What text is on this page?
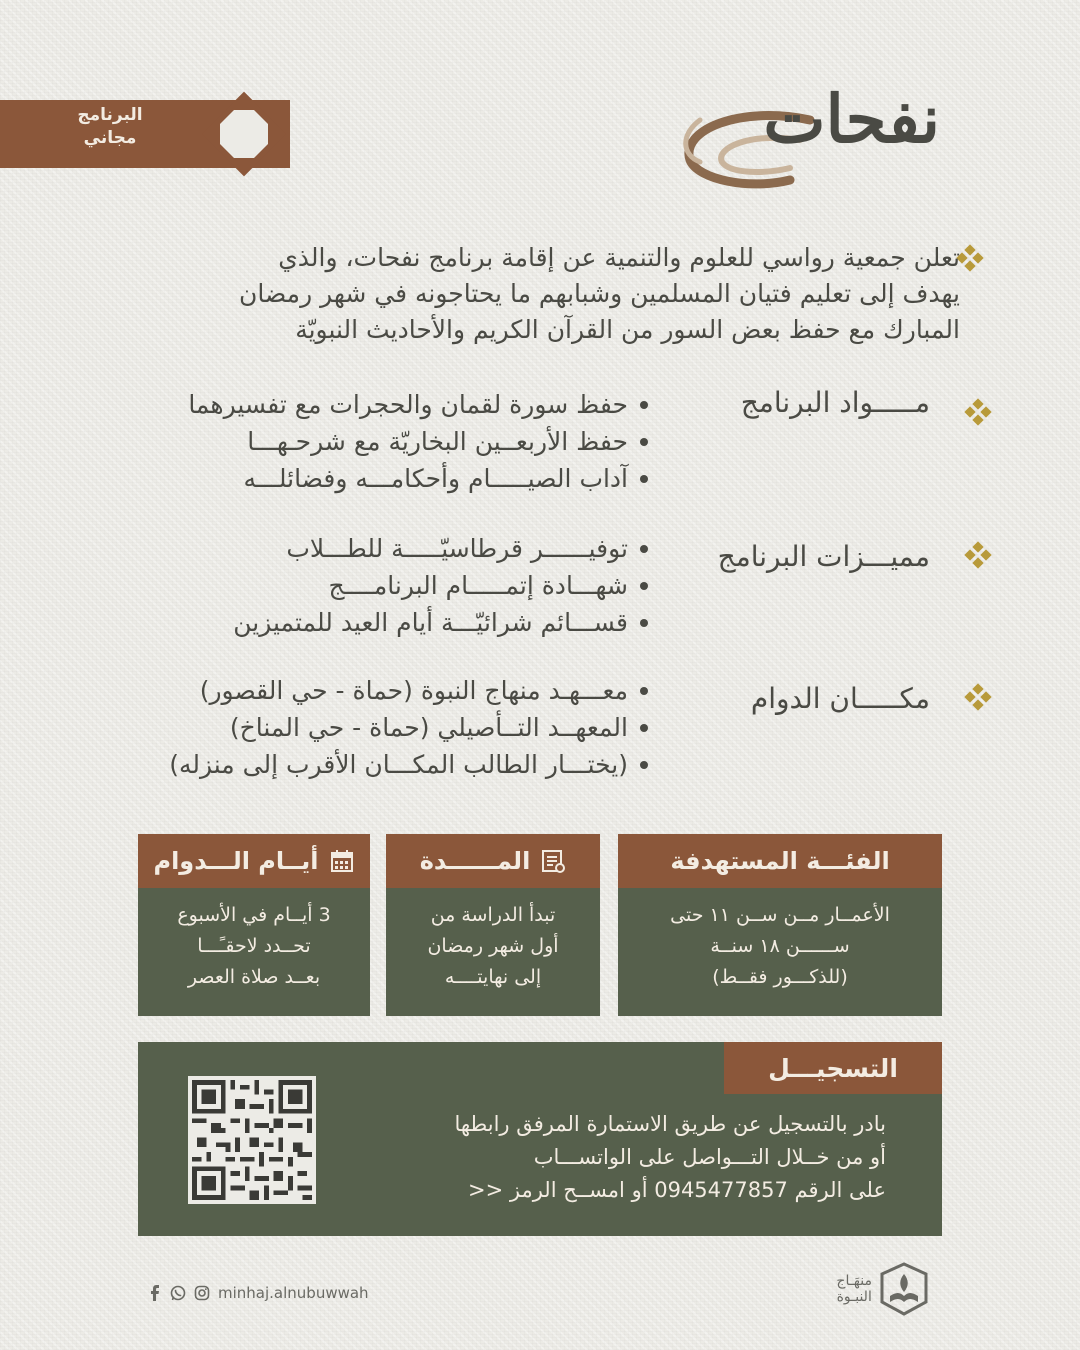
البرنامج
مجاني	نفحات
تعلن جمعية رواسي للعلوم والتنمية عن إقامة برنامج نفحات، والذي
يهدف إلى تعليم فتيان المسلمين وشبابهم ما يحتاجونه في شهر رمضان
المبارك مع حفظ بعض السور من القرآن الكريم والأحاديث النبويّة
مـــــواد البرنامج
حفظ سورة لقمان والحجرات مع تفسيرهما
حفظ الأربعــين البخاريّة مع شرحـهـــا
آداب الصيـــــام وأحكامـــه وفضائلـــه
مميـــزات البرنامج
توفيــــــر قرطاسيّـــــة للطـــلاب
شهـــادة إتمـــــام البرنامــــج
قســـائم شرائيّـــة أيام العيد للمتميزين
مكـــــان الدوام
معـــهـد منهاج النبوة (حماة - حي القصور)
المعهــد التــأصيلي (حماة - حي المناخ)
(يختـــار الطالب المكـــان الأقرب إلى منزله)
الفئـــة المستهدفة
الأعمــار مــن ســن ١١ حتى
ســــــن ١٨ سنــة
(للذكـــور فقــط)
المــــــدة
تبدأ الدراسة من
أول شهر رمضان
إلى نهايتــــه
أيــام الـــدوام
3 أيــام في الأسبوع
تحــدد لاحقـًـــا
بعــد صلاة العصر
التسجيـــل
بادر بالتسجيل عن طريق الاستمارة المرفق رابطها
أو من خــلال التـــواصل على الواتســـاب
على الرقم 0945477857 أو امســح الرمز <<
minhaj.alnubuwwah
منهَـاج
النبـوة
